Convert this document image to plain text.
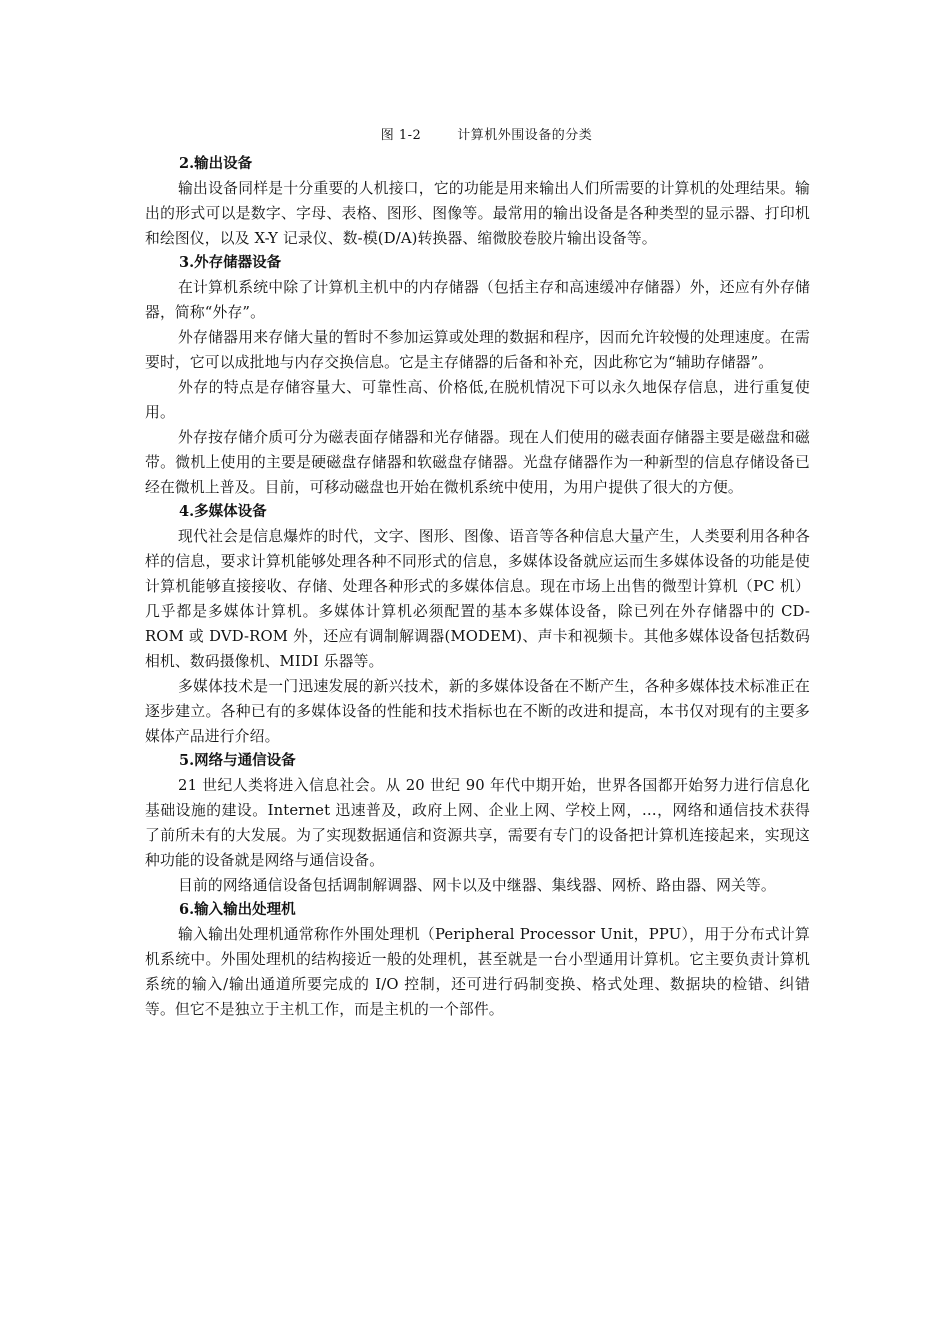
图 1-2	计算机外围设备的分类

2.输出设备

输出设备同样是十分重要的人机接口，它的功能是用来输出人们所需要的计算机的处理结果。输出的形式可以是数字、字母、表格、图形、图像等。最常用的输出设备是各种类型的显示器、打印机和绘图仪，以及 X-Y 记录仪、数-模(D/A)转换器、缩微胶卷胶片输出设备等。

3.外存储器设备

在计算机系统中除了计算机主机中的内存储器（包括主存和高速缓冲存储器）外，还应有外存储器，简称“外存”。

外存储器用来存储大量的暂时不参加运算或处理的数据和程序，因而允许较慢的处理速度。在需要时，它可以成批地与内存交换信息。它是主存储器的后备和补充，因此称它为“辅助存储器”。

外存的特点是存储容量大、可靠性高、价格低,在脱机情况下可以永久地保存信息，进行重复使用。

外存按存储介质可分为磁表面存储器和光存储器。现在人们使用的磁表面存储器主要是磁盘和磁带。微机上使用的主要是硬磁盘存储器和软磁盘存储器。光盘存储器作为一种新型的信息存储设备已经在微机上普及。目前，可移动磁盘也开始在微机系统中使用，为用户提供了很大的方便。

4.多媒体设备

现代社会是信息爆炸的时代，文字、图形、图像、语音等各种信息大量产生，人类要利用各种各样的信息，要求计算机能够处理各种不同形式的信息，多媒体设备就应运而生多媒体设备的功能是使计算机能够直接接收、存储、处理各种形式的多媒体信息。现在市场上出售的微型计算机（PC 机）几乎都是多媒体计算机。多媒体计算机必须配置的基本多媒体设备，除已列在外存储器中的 CD-ROM 或 DVD-ROM 外，还应有调制解调器(MODEM)、声卡和视频卡。其他多媒体设备包括数码相机、数码摄像机、MIDI 乐器等。

多媒体技术是一门迅速发展的新兴技术，新的多媒体设备在不断产生，各种多媒体技术标准正在逐步建立。各种已有的多媒体设备的性能和技术指标也在不断的改进和提高，本书仅对现有的主要多媒体产品进行介绍。

5.网络与通信设备

21 世纪人类将进入信息社会。从 20 世纪 90 年代中期开始，世界各国都开始努力进行信息化基础设施的建设。Internet 迅速普及，政府上网、企业上网、学校上网，…，网络和通信技术获得了前所未有的大发展。为了实现数据通信和资源共享，需要有专门的设备把计算机连接起来，实现这种功能的设备就是网络与通信设备。

目前的网络通信设备包括调制解调器、网卡以及中继器、集线器、网桥、路由器、网关等。

6.输入输出处理机

输入输出处理机通常称作外围处理机（Peripheral Processor Unit，PPU），用于分布式计算机系统中。外围处理机的结构接近一般的处理机，甚至就是一台小型通用计算机。它主要负责计算机系统的输入/输出通道所要完成的 I/O 控制，还可进行码制变换、格式处理、数据块的检错、纠错等。但它不是独立于主机工作，而是主机的一个部件。
